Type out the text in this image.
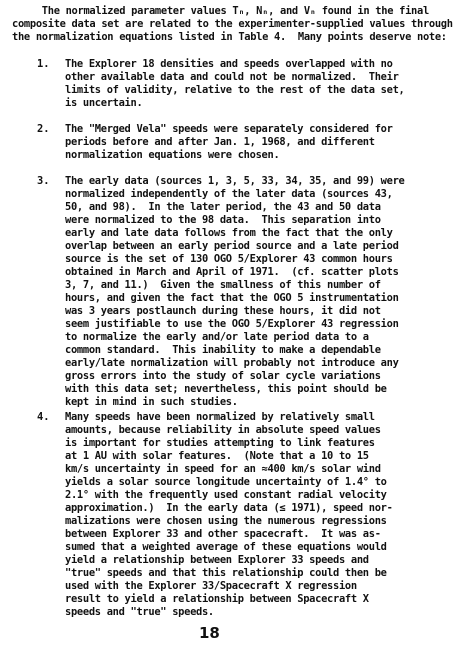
The normalized parameter values Tₙ, Nₙ, and Vₙ found in the final
composite data set are related to the experimenter-supplied values through
the normalization equations listed in Table 4.  Many points deserve note:
1. The Explorer 18 densities and speeds overlapped with no
other available data and could not be normalized.  Their
limits of validity, relative to the rest of the data set,
is uncertain.
2. The "Merged Vela" speeds were separately considered for
periods before and after Jan. 1, 1968, and different
normalization equations were chosen.
3. The early data (sources 1, 3, 5, 33, 34, 35, and 99) were
normalized independently of the later data (sources 43,
50, and 98).  In the later period, the 43 and 50 data
were normalized to the 98 data.  This separation into
early and late data follows from the fact that the only
overlap between an early period source and a late period
source is the set of 130 OGO 5/Explorer 43 common hours
obtained in March and April of 1971.  (cf. scatter plots
3, 7, and 11.)  Given the smallness of this number of
hours, and given the fact that the OGO 5 instrumentation
was 3 years postlaunch during these hours, it did not
seem justifiable to use the OGO 5/Explorer 43 regression
to normalize the early and/or late period data to a
common standard.  This inability to make a dependable
early/late normalization will probably not introduce any
gross errors into the study of solar cycle variations
with this data set; nevertheless, this point should be
kept in mind in such studies.
4. Many speeds have been normalized by relatively small
amounts, because reliability in absolute speed values
is important for studies attempting to link features
at 1 AU with solar features.  (Note that a 10 to 15
km/s uncertainty in speed for an ≈400 km/s solar wind
yields a solar source longitude uncertainty of 1.4° to
2.1° with the frequently used constant radial velocity
approximation.)  In the early data (≤ 1971), speed nor-
malizations were chosen using the numerous regressions
between Explorer 33 and other spacecraft.  It was as-
sumed that a weighted average of these equations would
yield a relationship between Explorer 33 speeds and
"true" speeds and that this relationship could then be
used with the Explorer 33/Spacecraft X regression
result to yield a relationship between Spacecraft X
speeds and "true" speeds.
18
